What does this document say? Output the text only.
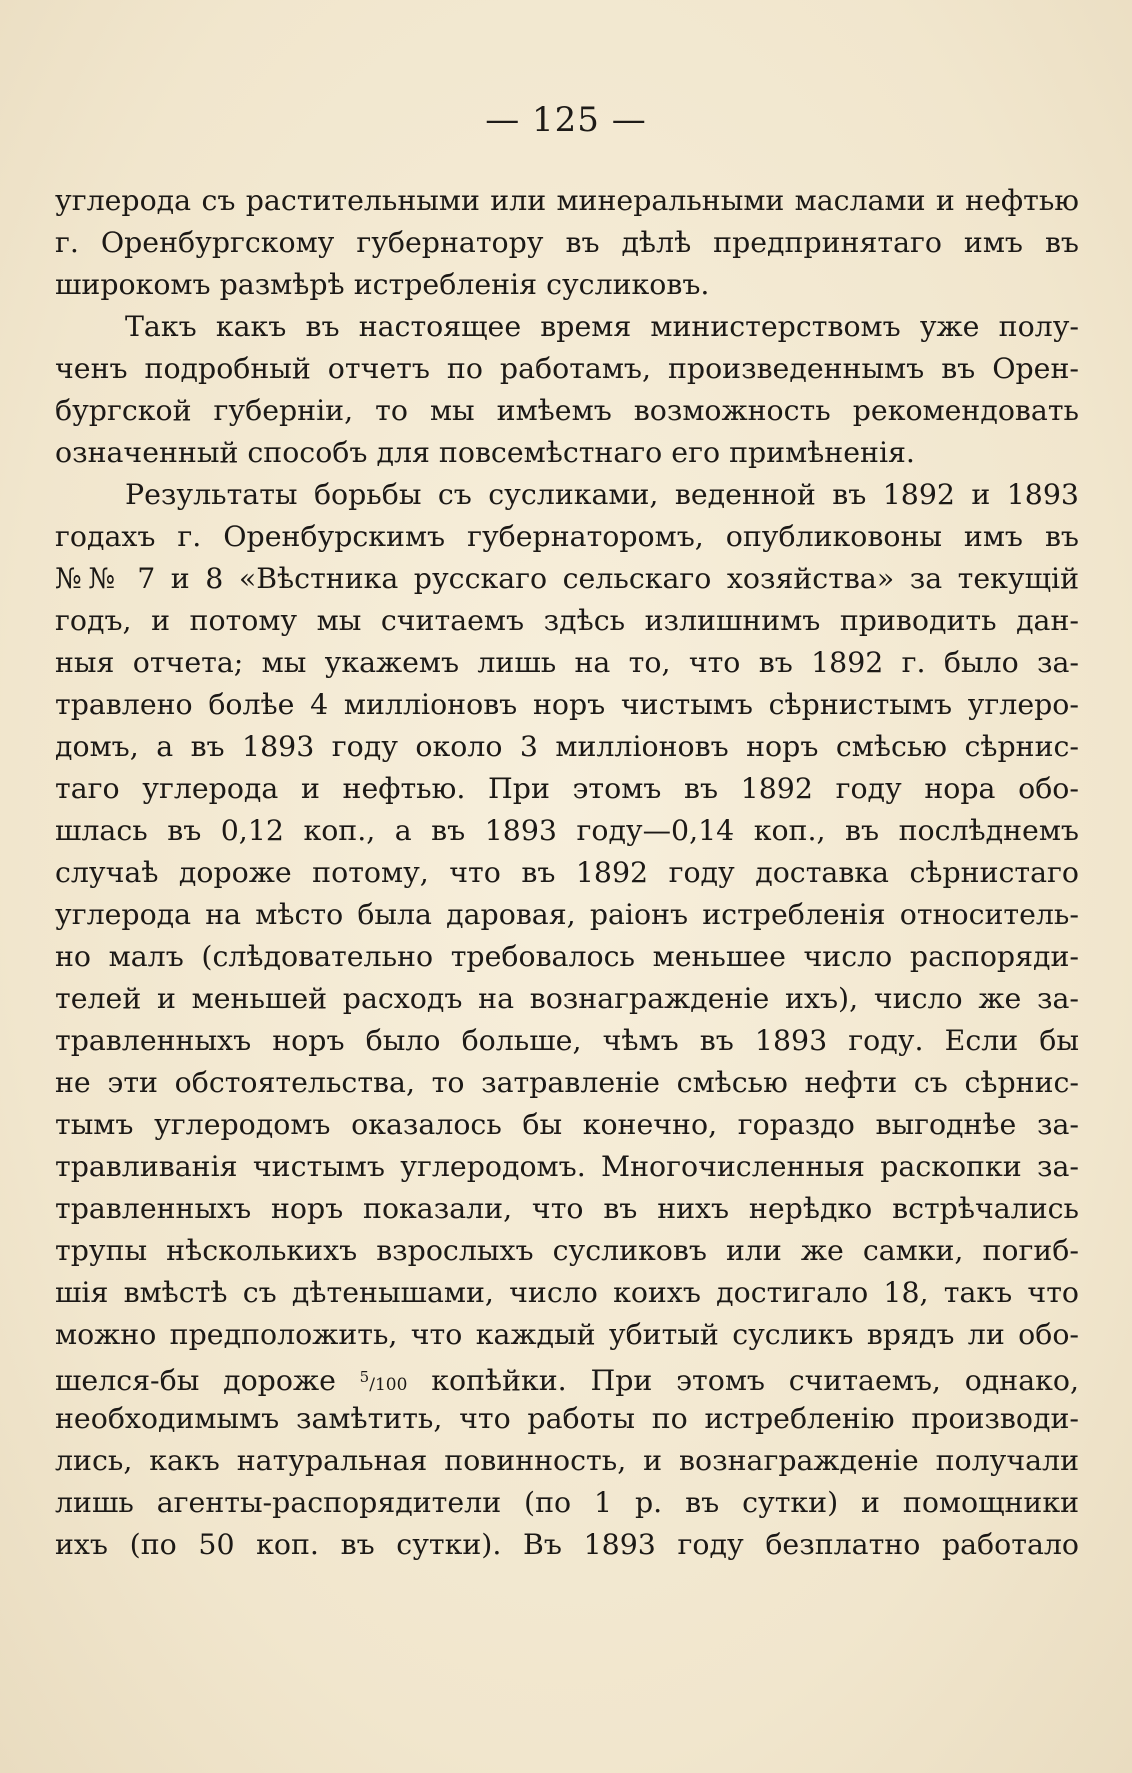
— 125 —
углерода съ растительными или минеральными маслами и нефтью
г. Оренбургскому губернатору въ дѣлѣ предпринятаго имъ въ
широкомъ размѣрѣ истребленія сусликовъ.
Такъ какъ въ настоящее время министерствомъ уже полу-
ченъ подробный отчетъ по работамъ, произведеннымъ въ Орен-
бургской губерніи, то мы имѣемъ возможность рекомендовать
означенный способъ для повсемѣстнаго его примѣненія.
Результаты борьбы съ сусликами, веденной въ 1892 и 1893
годахъ г. Оренбурскимъ губернаторомъ, опубликовоны имъ въ
№№ 7 и 8 «Вѣстника русскаго сельскаго хозяйства» за текущій
годъ, и потому мы считаемъ здѣсь излишнимъ приводить дан-
ныя отчета; мы укажемъ лишь на то, что въ 1892 г. было за-
травлено болѣе 4 милліоновъ норъ чистымъ сѣрнистымъ углеро-
домъ, а въ 1893 году около 3 милліоновъ норъ смѣсью сѣрнис-
таго углерода и нефтью. При этомъ въ 1892 году нора обо-
шлась въ 0,12 коп., а въ 1893 году—0,14 коп., въ послѣднемъ
случаѣ дороже потому, что въ 1892 году доставка сѣрнистаго
углерода на мѣсто была даровая, раіонъ истребленія относитель-
но малъ (слѣдовательно требовалось меньшее число распоряди-
телей и меньшей расходъ на вознагражденіе ихъ), число же за-
травленныхъ норъ было больше, чѣмъ въ 1893 году. Если бы
не эти обстоятельства, то затравленіе смѣсью нефти съ сѣрнис-
тымъ углеродомъ оказалось бы конечно, гораздо выгоднѣе за-
травливанія чистымъ углеродомъ. Многочисленныя раскопки за-
травленныхъ норъ показали, что въ нихъ нерѣдко встрѣчались
трупы нѣсколькихъ взрослыхъ сусликовъ или же самки, погиб-
шія вмѣстѣ съ дѣтенышами, число коихъ достигало 18, такъ что
можно предположить, что каждый убитый сусликъ врядъ ли обо-
шелся-бы дороже $^5$/100 копѣйки. При этомъ считаемъ, однако,
необходимымъ замѣтить, что работы по истребленію производи-
лись, какъ натуральная повинность, и вознагражденіе получали
лишь агенты-распорядители (по 1 р. въ сутки) и помощники
ихъ (по 50 коп. въ сутки). Въ 1893 году безплатно работало
